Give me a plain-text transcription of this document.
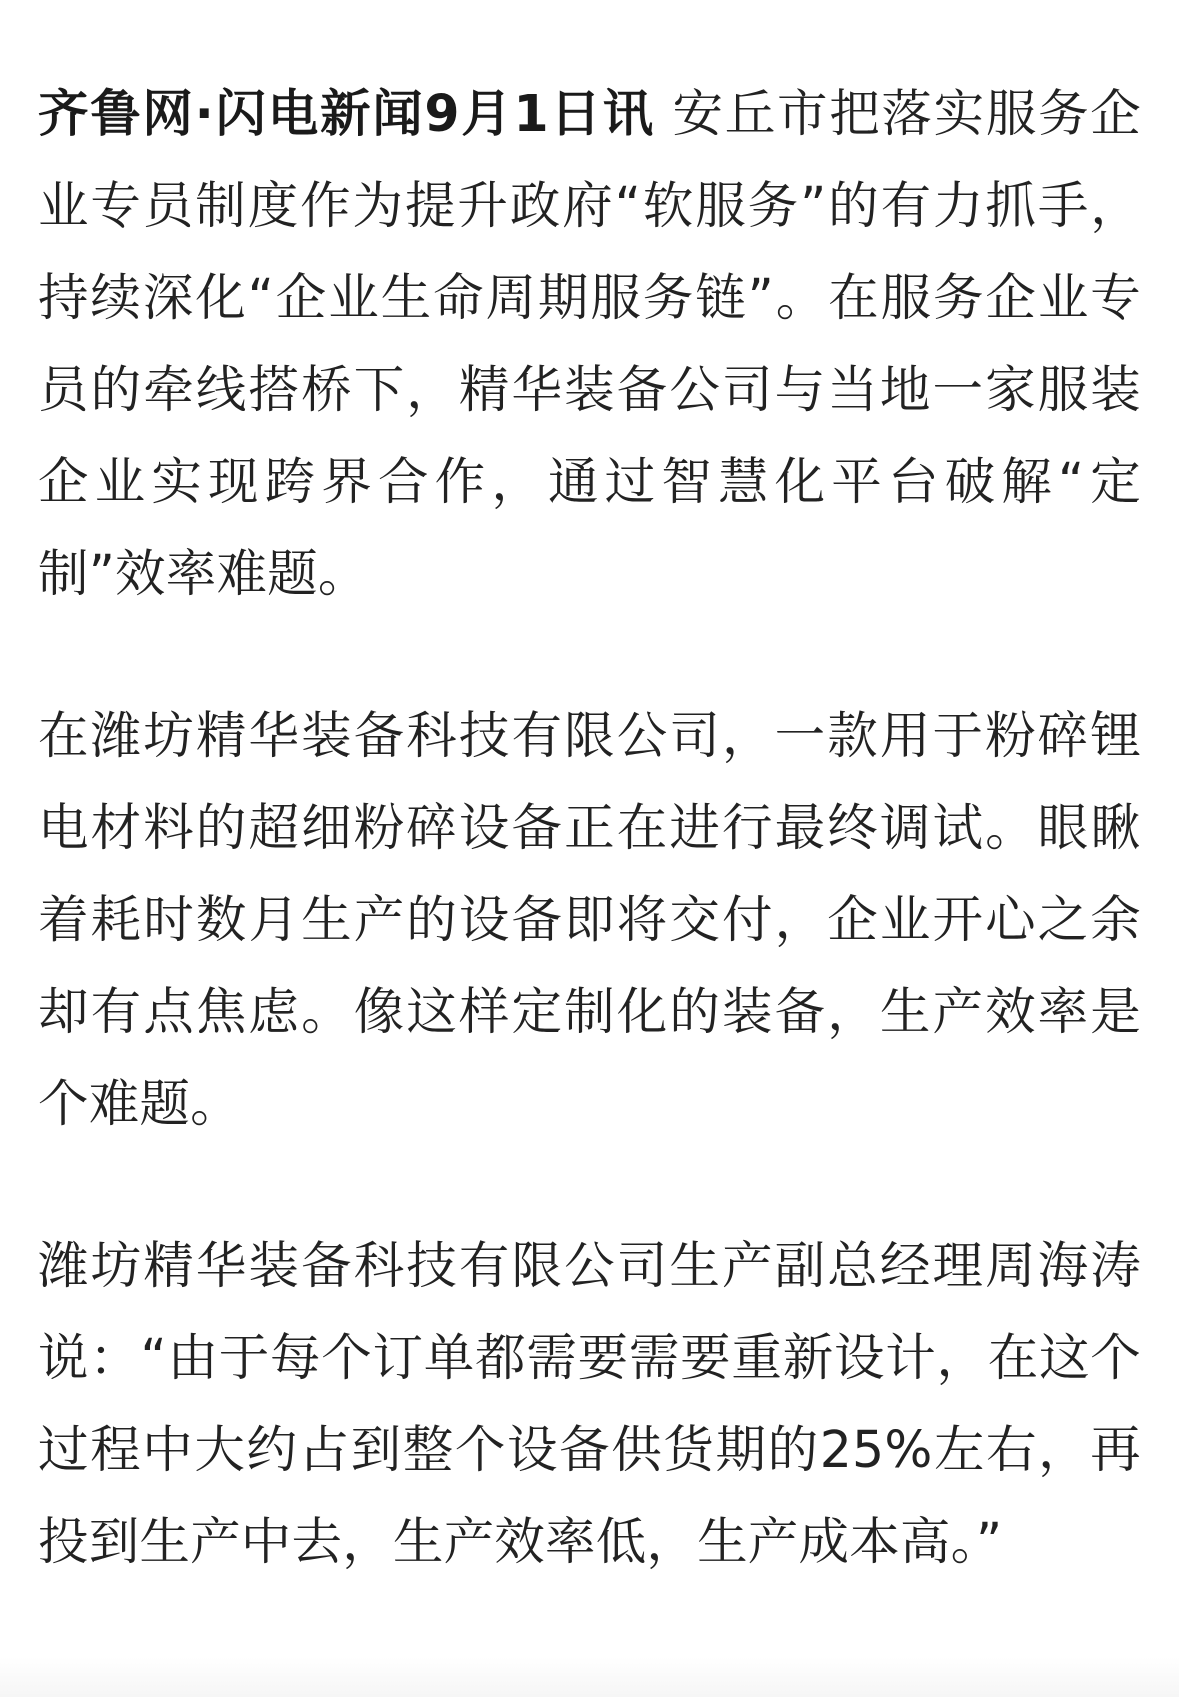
齐鲁网·闪电新闻9月1日讯 安丘市把落实服务企业专员制度作为提升政府“软服务”的有力抓手，持续深化“企业生命周期服务链”。在服务企业专员的牵线搭桥下，精华装备公司与当地一家服装企业实现跨界合作，通过智慧化平台破解“定制”效率难题。

在潍坊精华装备科技有限公司，一款用于粉碎锂电材料的超细粉碎设备正在进行最终调试。眼瞅着耗时数月生产的设备即将交付，企业开心之余却有点焦虑。像这样定制化的装备，生产效率是个难题。

潍坊精华装备科技有限公司生产副总经理周海涛说：“由于每个订单都需要需要重新设计，在这个过程中大约占到整个设备供货期的25%左右，再投到生产中去，生产效率低，生产成本高。”
